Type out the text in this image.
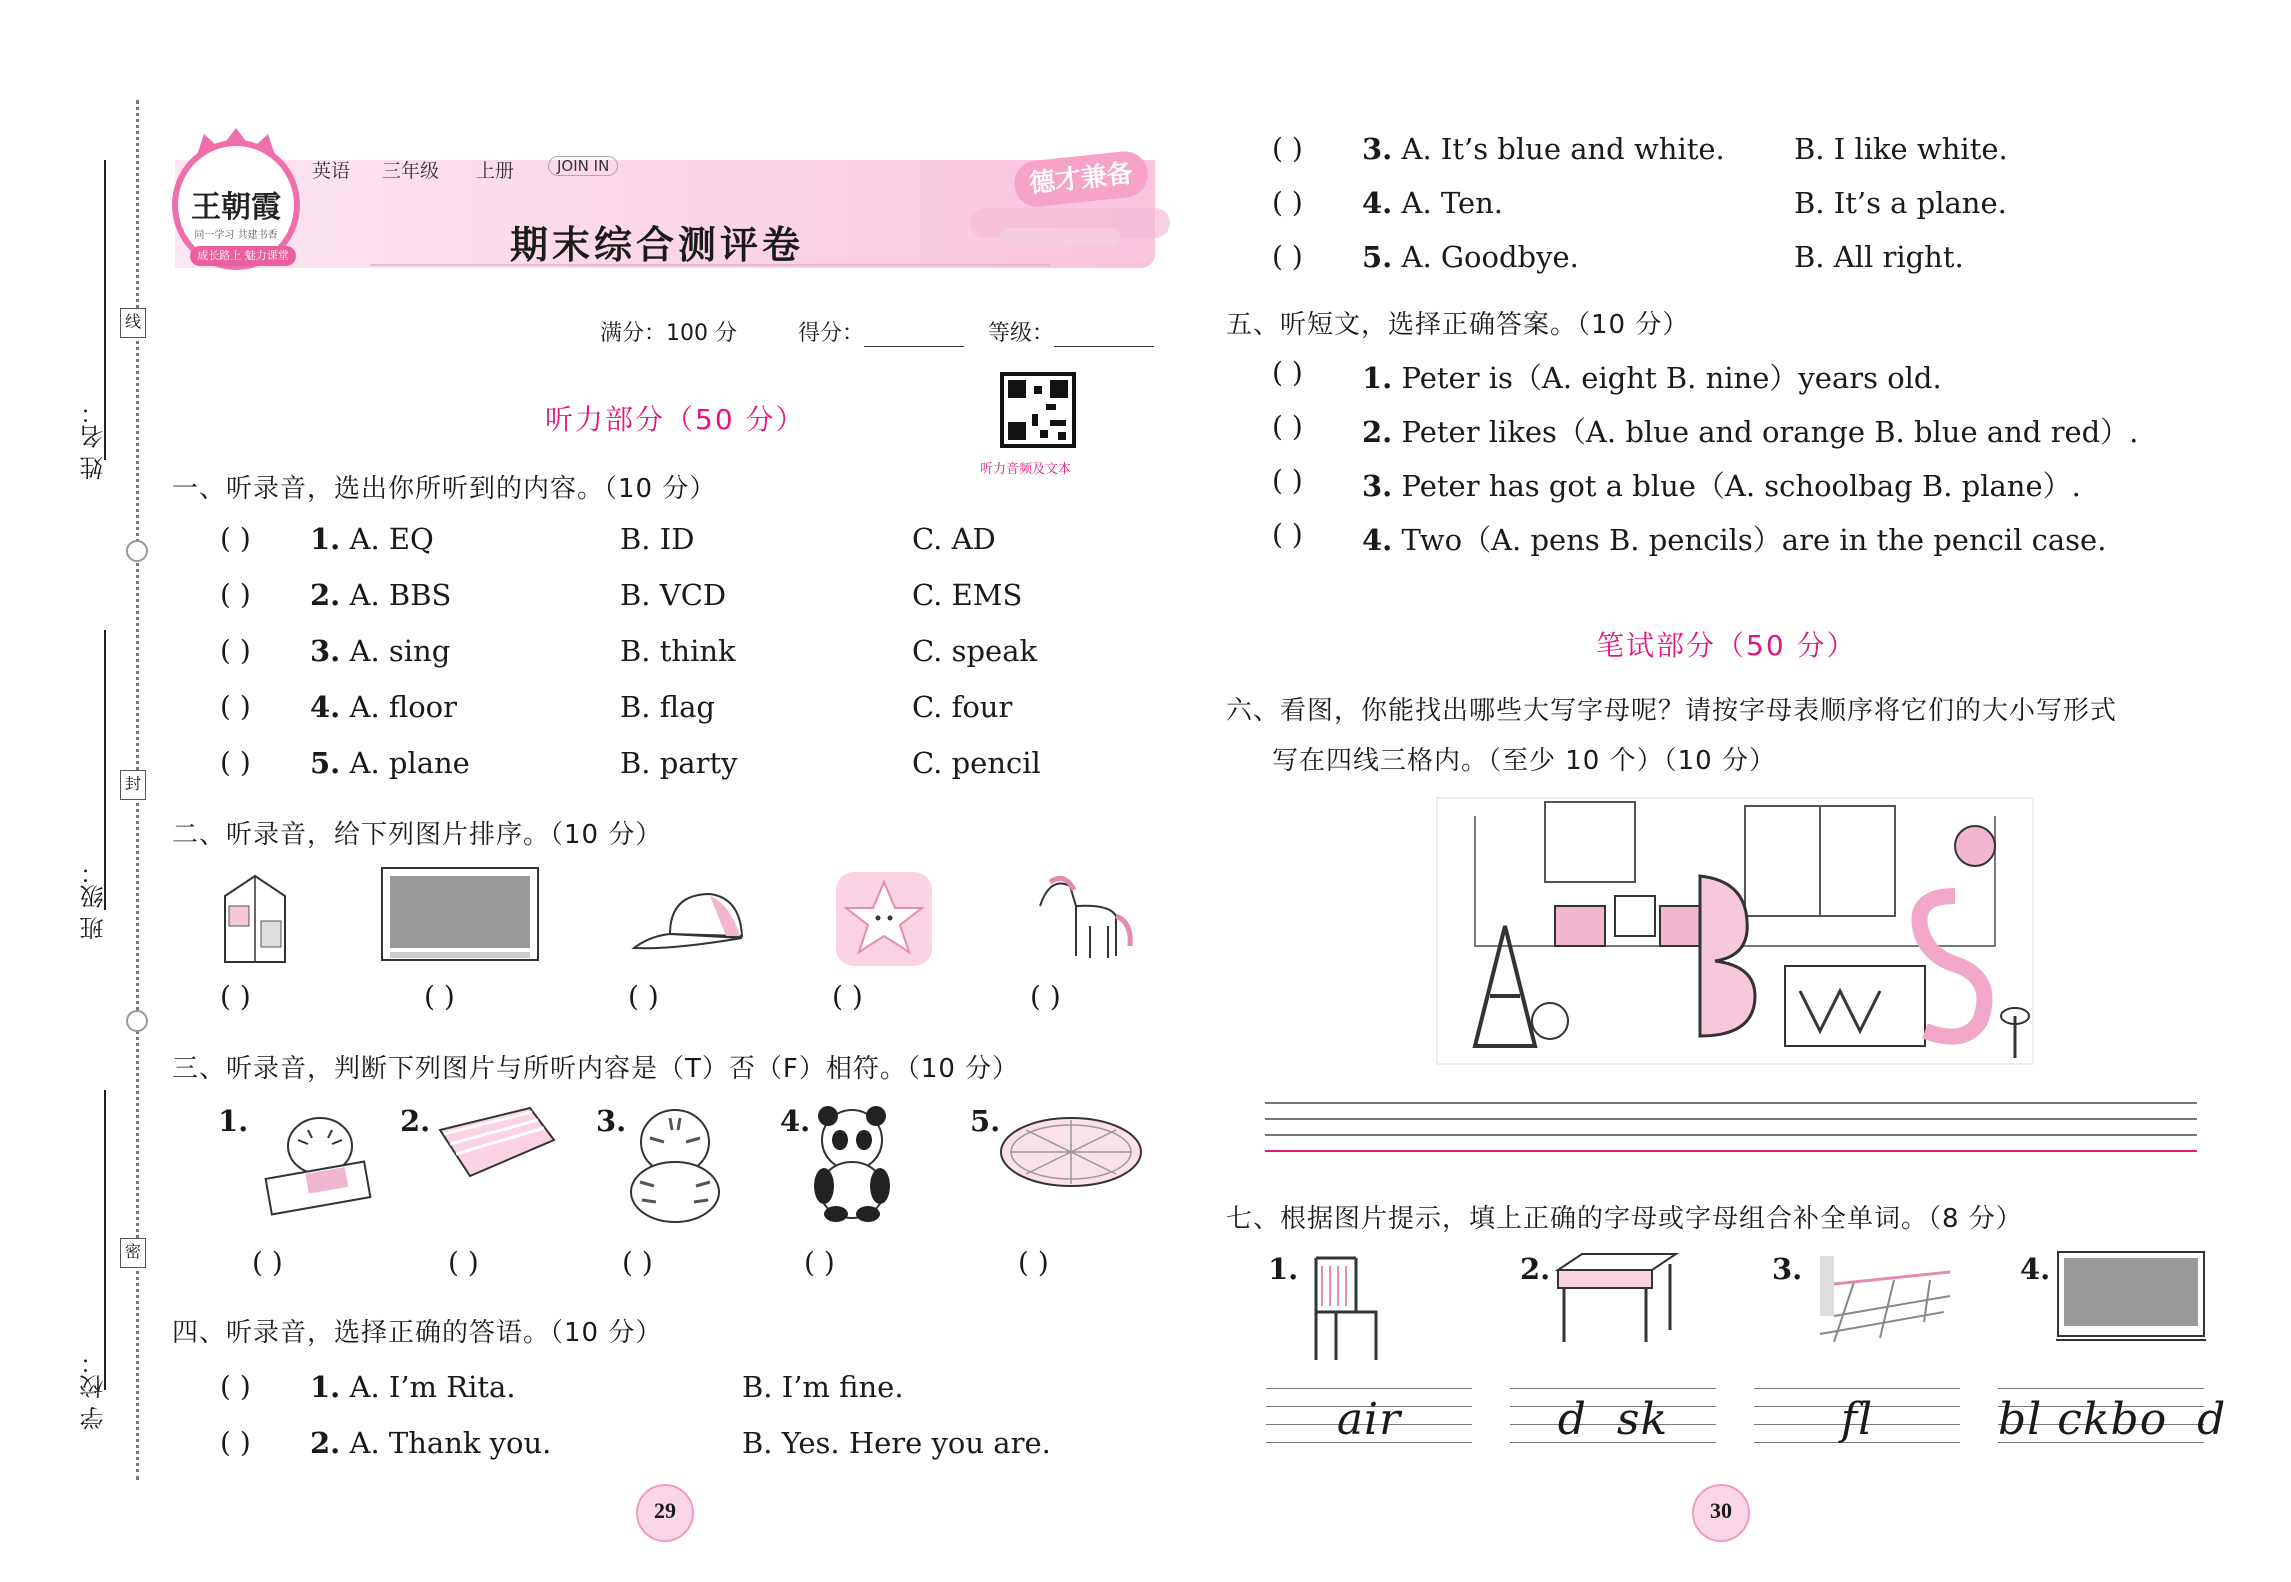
姓 名：
线
班 级：
封
学 校：
密
王朝霞
同一学习 共建书香
成长路上 魅力课堂
英语 三年级 上册	JOIN IN
期末综合测评卷
德才兼备
满分：100 分	得分：	等级：
听力音频及文本
听力部分（50 分）
一、听录音，选出你所听到的内容。（10 分）
( ) 1. A. EQ	B. ID	C. AD
( ) 2. A. BBS	B. VCD	C. EMS
( ) 3. A. sing	B. think	C. speak
( ) 4. A. floor	B. flag	C. four
( ) 5. A. plane	B. party	C. pencil
二、听录音，给下列图片排序。（10 分）
( )	( )	( )	( )	( )
三、听录音，判断下列图片与所听内容是（T）否（F）相符。（10 分）
1.	2.	3.	4.	5.
( )	( )	( )	( )	( )
四、听录音，选择正确的答语。（10 分）
( ) 1. A. I’m Rita.	B. I’m fine.
( ) 2. A. Thank you.	B. Yes. Here you are.
29
( ) 3. A. It’s blue and white. B. I like white.
( ) 4. A. Ten.	B. It’s a plane.
( ) 5. A. Goodbye.	B. All right.
五、听短文，选择正确答案。（10 分）
( ) 1. Peter is（A. eight B. nine）years old.
( ) 2. Peter likes（A. blue and orange B. blue and red）.
( ) 3. Peter has got a blue（A. schoolbag B. plane）.
( ) 4. Two（A. pens B. pencils）are in the pencil case.
笔试部分（50 分）
六、看图，你能找出哪些大写字母呢？请按字母表顺序将它们的大小写形式
写在四线三格内。（至少 10 个）（10 分）
七、根据图片提示，填上正确的字母或字母组合补全单词。（8 分）
1.	2.	3.	4.
air	d  sk	fl	bl ckbo  d
30
